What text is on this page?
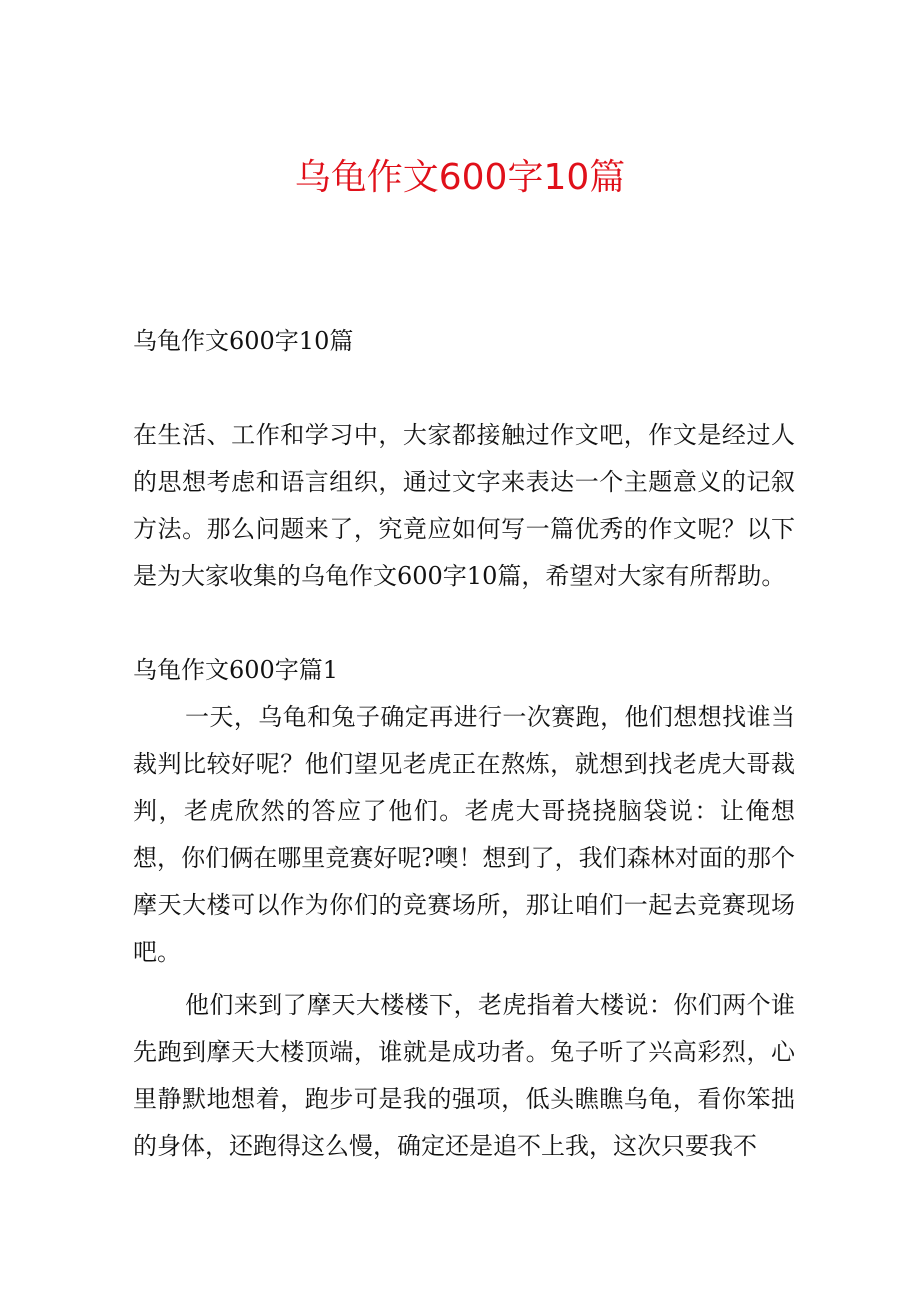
乌龟作文600字10篇
乌龟作文600字10篇

在生活、工作和学习中，大家都接触过作文吧，作文是经过人的思想考虑和语言组织，通过文字来表达一个主题意义的记叙方法。那么问题来了，究竟应如何写一篇优秀的作文呢？以下是为大家收集的乌龟作文600字10篇，希望对大家有所帮助。

乌龟作文600字篇1

一天，乌龟和兔子确定再进行一次赛跑，他们想想找谁当裁判比较好呢？他们望见老虎正在熬炼，就想到找老虎大哥裁判，老虎欣然的答应了他们。老虎大哥挠挠脑袋说：让俺想想，你们俩在哪里竞赛好呢?噢！想到了，我们森林对面的那个摩天大楼可以作为你们的竞赛场所，那让咱们一起去竞赛现场吧。

他们来到了摩天大楼楼下，老虎指着大楼说：你们两个谁先跑到摩天大楼顶端，谁就是成功者。兔子听了兴高彩烈，心里静默地想着，跑步可是我的强项，低头瞧瞧乌龟，看你笨拙的身体，还跑得这么慢，确定还是追不上我，这次只要我不
